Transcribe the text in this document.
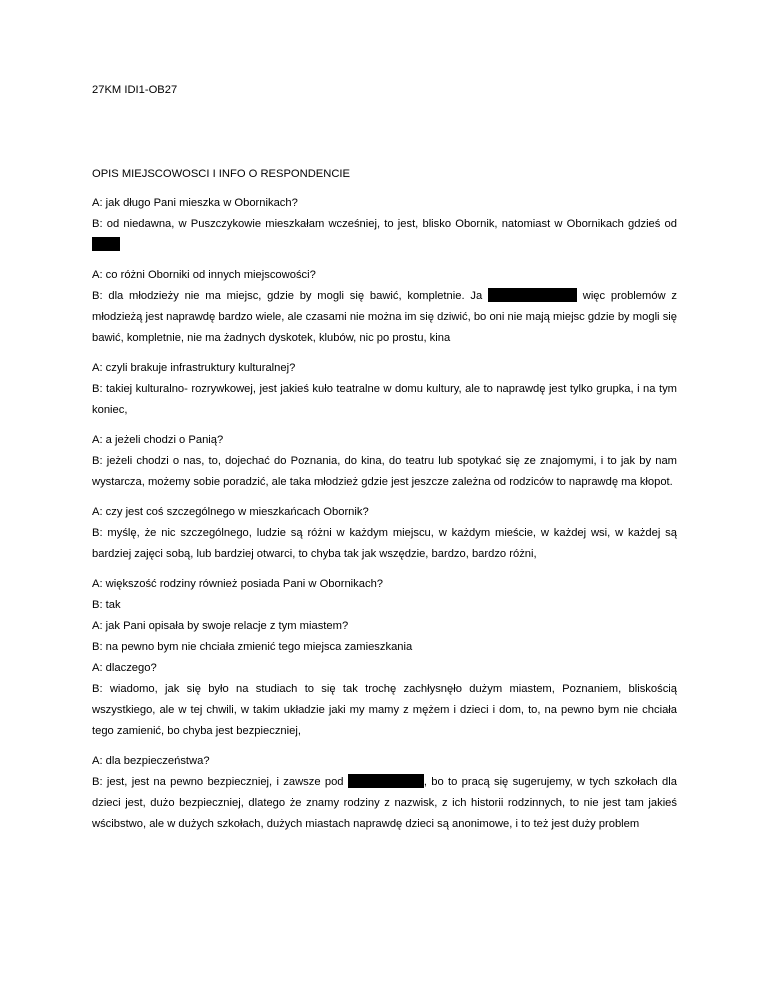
27KM IDI1-OB27
OPIS MIEJSCOWOSCI I INFO O RESPONDENCIE

A: jak długo Pani mieszka w Obornikach?

B: od niedawna, w Puszczykowie mieszkałam wcześniej, to jest, blisko Obornik, natomiast w Obornikach gdzieś od

A: co różni Oborniki od innych miejscowości?

B: dla młodzieży nie ma miejsc, gdzie by mogli się bawić, kompletnie. Ja	więc problemów z młodzieżą jest naprawdę bardzo wiele, ale czasami nie można im się dziwić, bo oni nie mają miejsc gdzie by mogli się bawić, kompletnie, nie ma żadnych dyskotek, klubów, nic po prostu, kina

A: czyli brakuje infrastruktury kulturalnej?

B: takiej kulturalno- rozrywkowej, jest jakieś kuło teatralne w domu kultury, ale to naprawdę jest tylko grupka, i na tym koniec,

A: a jeżeli chodzi o Panią?

B: jeżeli chodzi o nas, to, dojechać do Poznania, do kina, do teatru lub spotykać się ze znajomymi, i to jak by nam wystarcza, możemy sobie poradzić, ale taka młodzież gdzie jest jeszcze zależna od rodziców to naprawdę ma kłopot.

A: czy jest coś szczególnego w mieszkańcach Obornik?

B: myślę, że nic szczególnego, ludzie są różni w każdym miejscu, w każdym mieście, w każdej wsi, w każdej są bardziej zajęci sobą, lub bardziej otwarci, to chyba tak jak wszędzie, bardzo, bardzo różni,

A: większość rodziny również posiada Pani w Obornikach?

B: tak

A: jak Pani opisała by swoje relacje z tym miastem?

B: na pewno bym nie chciała zmienić tego miejsca zamieszkania

A: dlaczego?

B: wiadomo, jak się było na studiach to się tak trochę zachłysnęło dużym miastem, Poznaniem, bliskością wszystkiego, ale w tej chwili, w takim układzie jaki my mamy z mężem i dzieci i dom, to, na pewno bym nie chciała tego zamienić, bo chyba jest bezpieczniej,

A: dla bezpieczeństwa?

B: jest, jest na pewno bezpieczniej, i zawsze pod	, bo to pracą się sugerujemy, w tych szkołach dla dzieci jest, dużo bezpieczniej, dlatego że znamy rodziny z nazwisk, z ich historii rodzinnych, to nie jest tam jakieś wścibstwo, ale w dużych szkołach, dużych miastach naprawdę dzieci są anonimowe, i to też jest duży problem
